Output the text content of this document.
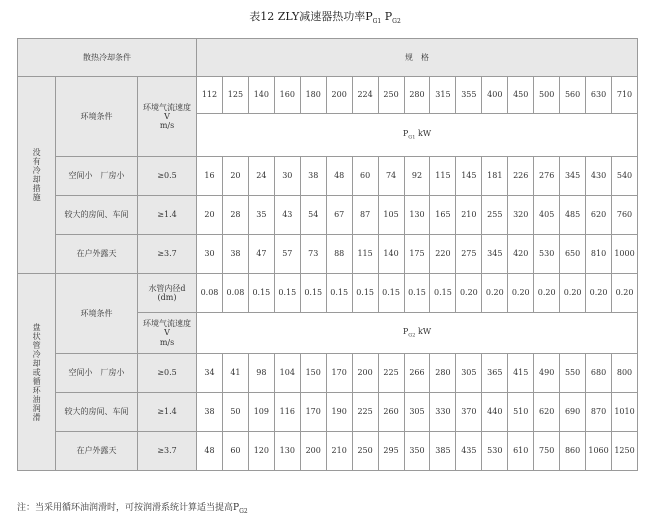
表12 ZLY减速器热功率$P_{G1}$ $P_{G2}$
散热冷却条件			规　格																
没有冷却措施	环境条件	环境气流速度
V
m/s	112	125	140	160	180	200	224	250	280	315	355	400	450	500	560	630	710
			$P_{G1}$ kW																
	空间小　厂房小	≥0.5	16	20	24	30	38	48	60	74	92	115	145	181	226	276	345	430	540
	较大的房间、车间	≥1.4	20	28	35	43	54	67	87	105	130	165	210	255	320	405	485	620	760
	在户外露天	≥3.7	30	38	47	57	73	88	115	140	175	220	275	345	420	530	650	810	1000
盘状管冷却或循环油润滑	环境条件	水管内径d
(dm)	0.08	0.08	0.15	0.15	0.15	0.15	0.15	0.15	0.15	0.15	0.20	0.20	0.20	0.20	0.20	0.20	0.20
		环境气流速度
V
m/s	$P_{G2}$ kW																
	空间小　厂房小	≥0.5	34	41	98	104	150	170	200	225	266	280	305	365	415	490	550	680	800
	较大的房间、车间	≥1.4	38	50	109	116	170	190	225	260	305	330	370	440	510	620	690	870	1010
	在户外露天	≥3.7	48	60	120	130	200	210	250	295	350	385	435	530	610	750	860	1060	1250
注：当采用循环油润滑时，可按润滑系统计算适当提高$P_{G2}$
